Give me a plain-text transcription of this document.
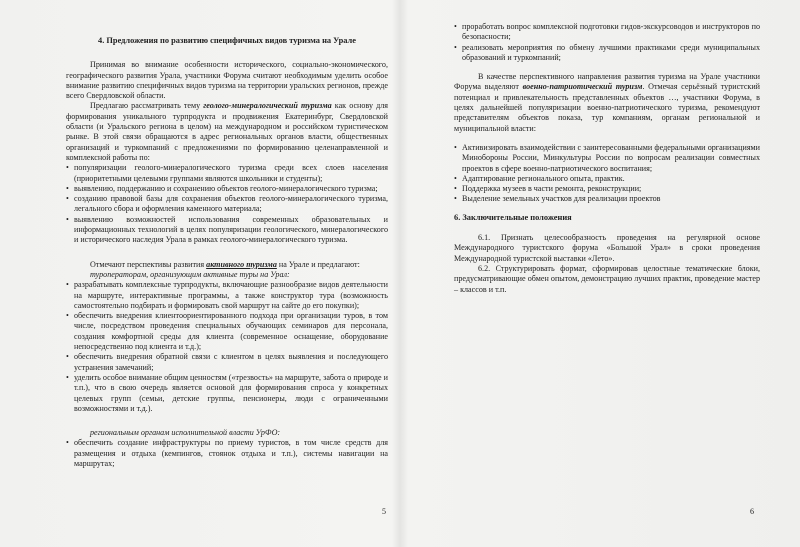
4. Предложения по развитию специфичных видов туризма на Урале

Принимая во внимание особенности исторического, социально-экономического, географического развития Урала, участники Форума считают необходимым уделить особое внимание развитию специфичных видов туризма на территории уральских регионов, прежде всего Свердловской области.

Предлагаю рассматривать тему геолого-минералогический туризма как основу для формирования уникального турпродукта и продвижения Екатеринбург, Свердловской области (и Уральского региона в целом) на международном и российском туристическом рынке. В этой связи обращаются в адрес региональных органов власти, общественных организаций и туркомпаний с предложениями по формированию целенаправленной и комплексной работы по:

• популяризации геолого-минералогического туризма среди всех слоев населения (приоритетными целевыми группами являются школьники и студенты);

• выявлению, поддержанию и сохранению объектов геолого-минералогического туризма;

• созданию правовой базы для сохранения объектов геолого-минералогического туризма, легального сбора и оформления каменного материала;

• выявлению возможностей использования современных образовательных и информационных технологий в целях популяризации геологического, минералогического и исторического наследия Урала в рамках геолого-минералогического туризма.

Отмечают перспективы развития активного туризма на Урале и предлагают:

туроператорам, организующим активные туры на Урал:

• разрабатывать комплексные турпродукты, включающие разнообразие видов деятельности на маршруте, интерактивные программы, а также конструктор тура (возможность самостоятельно подбирать и формировать свой маршрут на сайте до его покупки);

• обеспечить внедрения клиентоориентированного подхода при организации туров, в том числе, посредством проведения специальных обучающих семинаров для персонала, создания комфортной среды для клиента (современное оснащение, оборудование непосредственно под клиента и т.д.);

• обеспечить внедрения обратной связи с клиентом в целях выявления и последующего устранения замечаний;

• уделить особое внимание общим ценностям («трезвость» на маршруте, забота о природе и т.п.), что в свою очередь является основой для формирования спроса у конкретных целевых групп (семьи, детские группы, пенсионеры, люди с ограниченными возможностями и т.д.).

региональным органам исполнительной власти УрФО:

• обеспечить создание инфраструктуры по приему туристов, в том числе средств для размещения и отдыха (кемпингов, стоянок отдыха и т.п.), системы навигации на маршрутах;

5

• проработать вопрос комплексной подготовки гидов-экскурсоводов и инструкторов по безопасности;

• реализовать мероприятия по обмену лучшими практиками среди муниципальных образований и туркомпаний;

В качестве перспективного направления развития туризма на Урале участники Форума выделяют военно-патриотический туризм. Отмечая серьёзный туристский потенциал и привлекательность представленных объектов …, участники Форума, в целях дальнейшей популяризации военно-патриотического туризма, рекомендуют представителям объектов показа, тур компаниям, органам региональной и муниципальной власти:

• Активизировать взаимодействии с заинтересованными федеральными организациями Минобороны России, Минкультуры России по вопросам реализации совместных проектов в сфере военно-патриотического воспитания;

• Адаптирование регионального опыта, практик.

• Поддержка музеев в части ремонта, реконструкции;

• Выделение земельных участков для реализации проектов

6. Заключительные положения

6.1. Признать целесообразность проведения на регулярной основе Международного туристского форума «Большой Урал» в сроки проведения Международной туристской выставки «Лето».

6.2. Структурировать формат, сформировав целостные тематические блоки, предусматривающие обмен опытом, демонстрацию лучших практик, проведение мастер – классов и т.п.

6
